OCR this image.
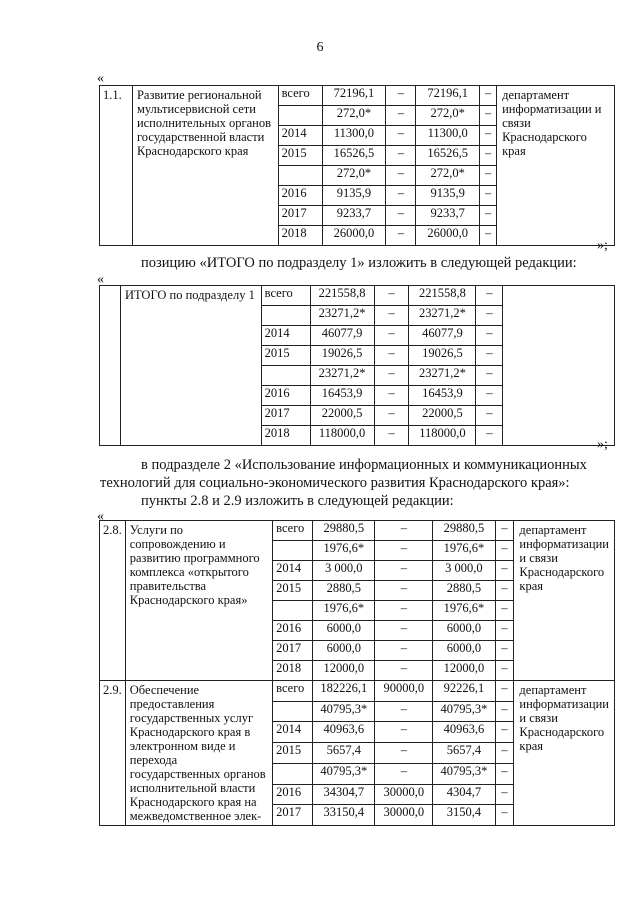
6
«
1.1.	Развитие региональной мультисервисной сети исполнительных органов государственной власти Краснодарского края	всего	72196,1	–	72196,1	–	департамент информатизации и связи Краснодарского края
			272,0*	–	272,0*	–	
		2014	11300,0	–	11300,0	–	
		2015	16526,5	–	16526,5	–	
			272,0*	–	272,0*	–	
		2016	9135,9	–	9135,9	–	
		2017	9233,7	–	9233,7	–	
		2018	26000,0	–	26000,0	–	
»;
позицию «ИТОГО по подразделу 1» изложить в следующей редакции:
«
	ИТОГО по подразделу 1	всего	221558,8	–	221558,8	–	
			23271,2*	–	23271,2*	–	
		2014	46077,9	–	46077,9	–	
		2015	19026,5	–	19026,5	–	
			23271,2*	–	23271,2*	–	
		2016	16453,9	–	16453,9	–	
		2017	22000,5	–	22000,5	–	
		2018	118000,0	–	118000,0	–	
»;
в подразделе 2 «Использование информационных и коммуникационных
технологий для социально-экономического развития Краснодарского края»:
пункты 2.8 и 2.9 изложить в следующей редакции:
«
2.8.	Услуги по сопровождению и развитию программного комплекса «открытого правительства Краснодарского края»	всего	29880,5	–	29880,5	–	департамент информатизации и связи Краснодарского края
			1976,6*	–	1976,6*	–	
		2014	3 000,0	–	3 000,0	–	
		2015	2880,5	–	2880,5	–	
			1976,6*	–	1976,6*	–	
		2016	6000,0	–	6000,0	–	
		2017	6000,0	–	6000,0	–	
		2018	12000,0	–	12000,0	–	
2.9.	Обеспечение предоставления государственных услуг Краснодарского края в электронном виде и перехода государственных органов исполнительной власти Краснодарского края на межведомственное элек-	всего	182226,1	90000,0	92226,1	–	департамент информатизации и связи Краснодарского края
			40795,3*	–	40795,3*	–	
		2014	40963,6	–	40963,6	–	
		2015	5657,4	–	5657,4	–	
			40795,3*	–	40795,3*	–	
		2016	34304,7	30000,0	4304,7	–	
		2017	33150,4	30000,0	3150,4	–	
